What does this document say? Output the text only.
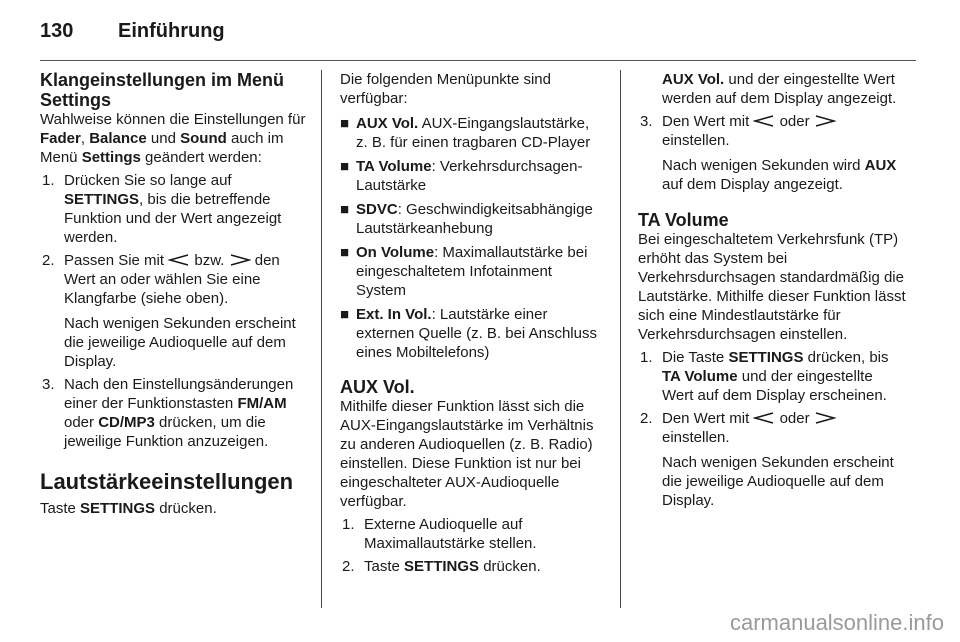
130 Einführung
Klangeinstellungen im Menü Settings

Wahlweise können die Einstellungen für Fader, Balance und Sound auch im Menü Settings geändert werden:

1. Drücken Sie so lange auf SETTINGS, bis die betreffende Funktion und der Wert angezeigt werden.
2. Passen Sie mit bzw. den Wert an oder wählen Sie eine Klangfarbe (siehe oben).

Nach wenigen Sekunden erscheint die jeweilige Audioquelle auf dem Display.

3. Nach den Einstellungsänderungen einer der Funktionstasten FM/AM oder CD/MP3 drücken, um die jeweilige Funktion anzuzeigen.
Lautstärkeeinstellungen

Taste SETTINGS drücken.

Die folgenden Menüpunkte sind verfügbar:

■ AUX Vol. AUX-Eingangslautstärke, z. B. für einen tragbaren CD-Player
■ TA Volume: Verkehrsdurchsagen-Lautstärke
■ SDVC: Geschwindigkeitsabhängige Lautstärkeanhebung
■ On Volume: Maximallautstärke bei eingeschaltetem Infotainment System
■ Ext. In Vol.: Lautstärke einer externen Quelle (z. B. bei Anschluss eines Mobiltelefons)
AUX Vol.

Mithilfe dieser Funktion lässt sich die AUX-Eingangslautstärke im Verhältnis zu anderen Audioquellen (z. B. Radio) einstellen. Diese Funktion ist nur bei eingeschalteter AUX-Audioquelle verfügbar.

1. Externe Audioquelle auf Maximallautstärke stellen.
2. Taste SETTINGS drücken.
AUX Vol. und der eingestellte Wert werden auf dem Display angezeigt.
3. Den Wert mit oder  einstellen.

Nach wenigen Sekunden wird AUX auf dem Display angezeigt.

TA Volume

Bei eingeschaltetem Verkehrsfunk (TP) erhöht das System bei Verkehrsdurchsagen standardmäßig die Lautstärke. Mithilfe dieser Funktion lässt sich eine Mindestlautstärke für Verkehrsdurchsagen einstellen.

1. Die Taste SETTINGS drücken, bis TA Volume und der eingestellte Wert auf dem Display erscheinen.
2. Den Wert mit oder  einstellen.

Nach wenigen Sekunden erscheint die jeweilige Audioquelle auf dem Display.

carmanualsonline.info
